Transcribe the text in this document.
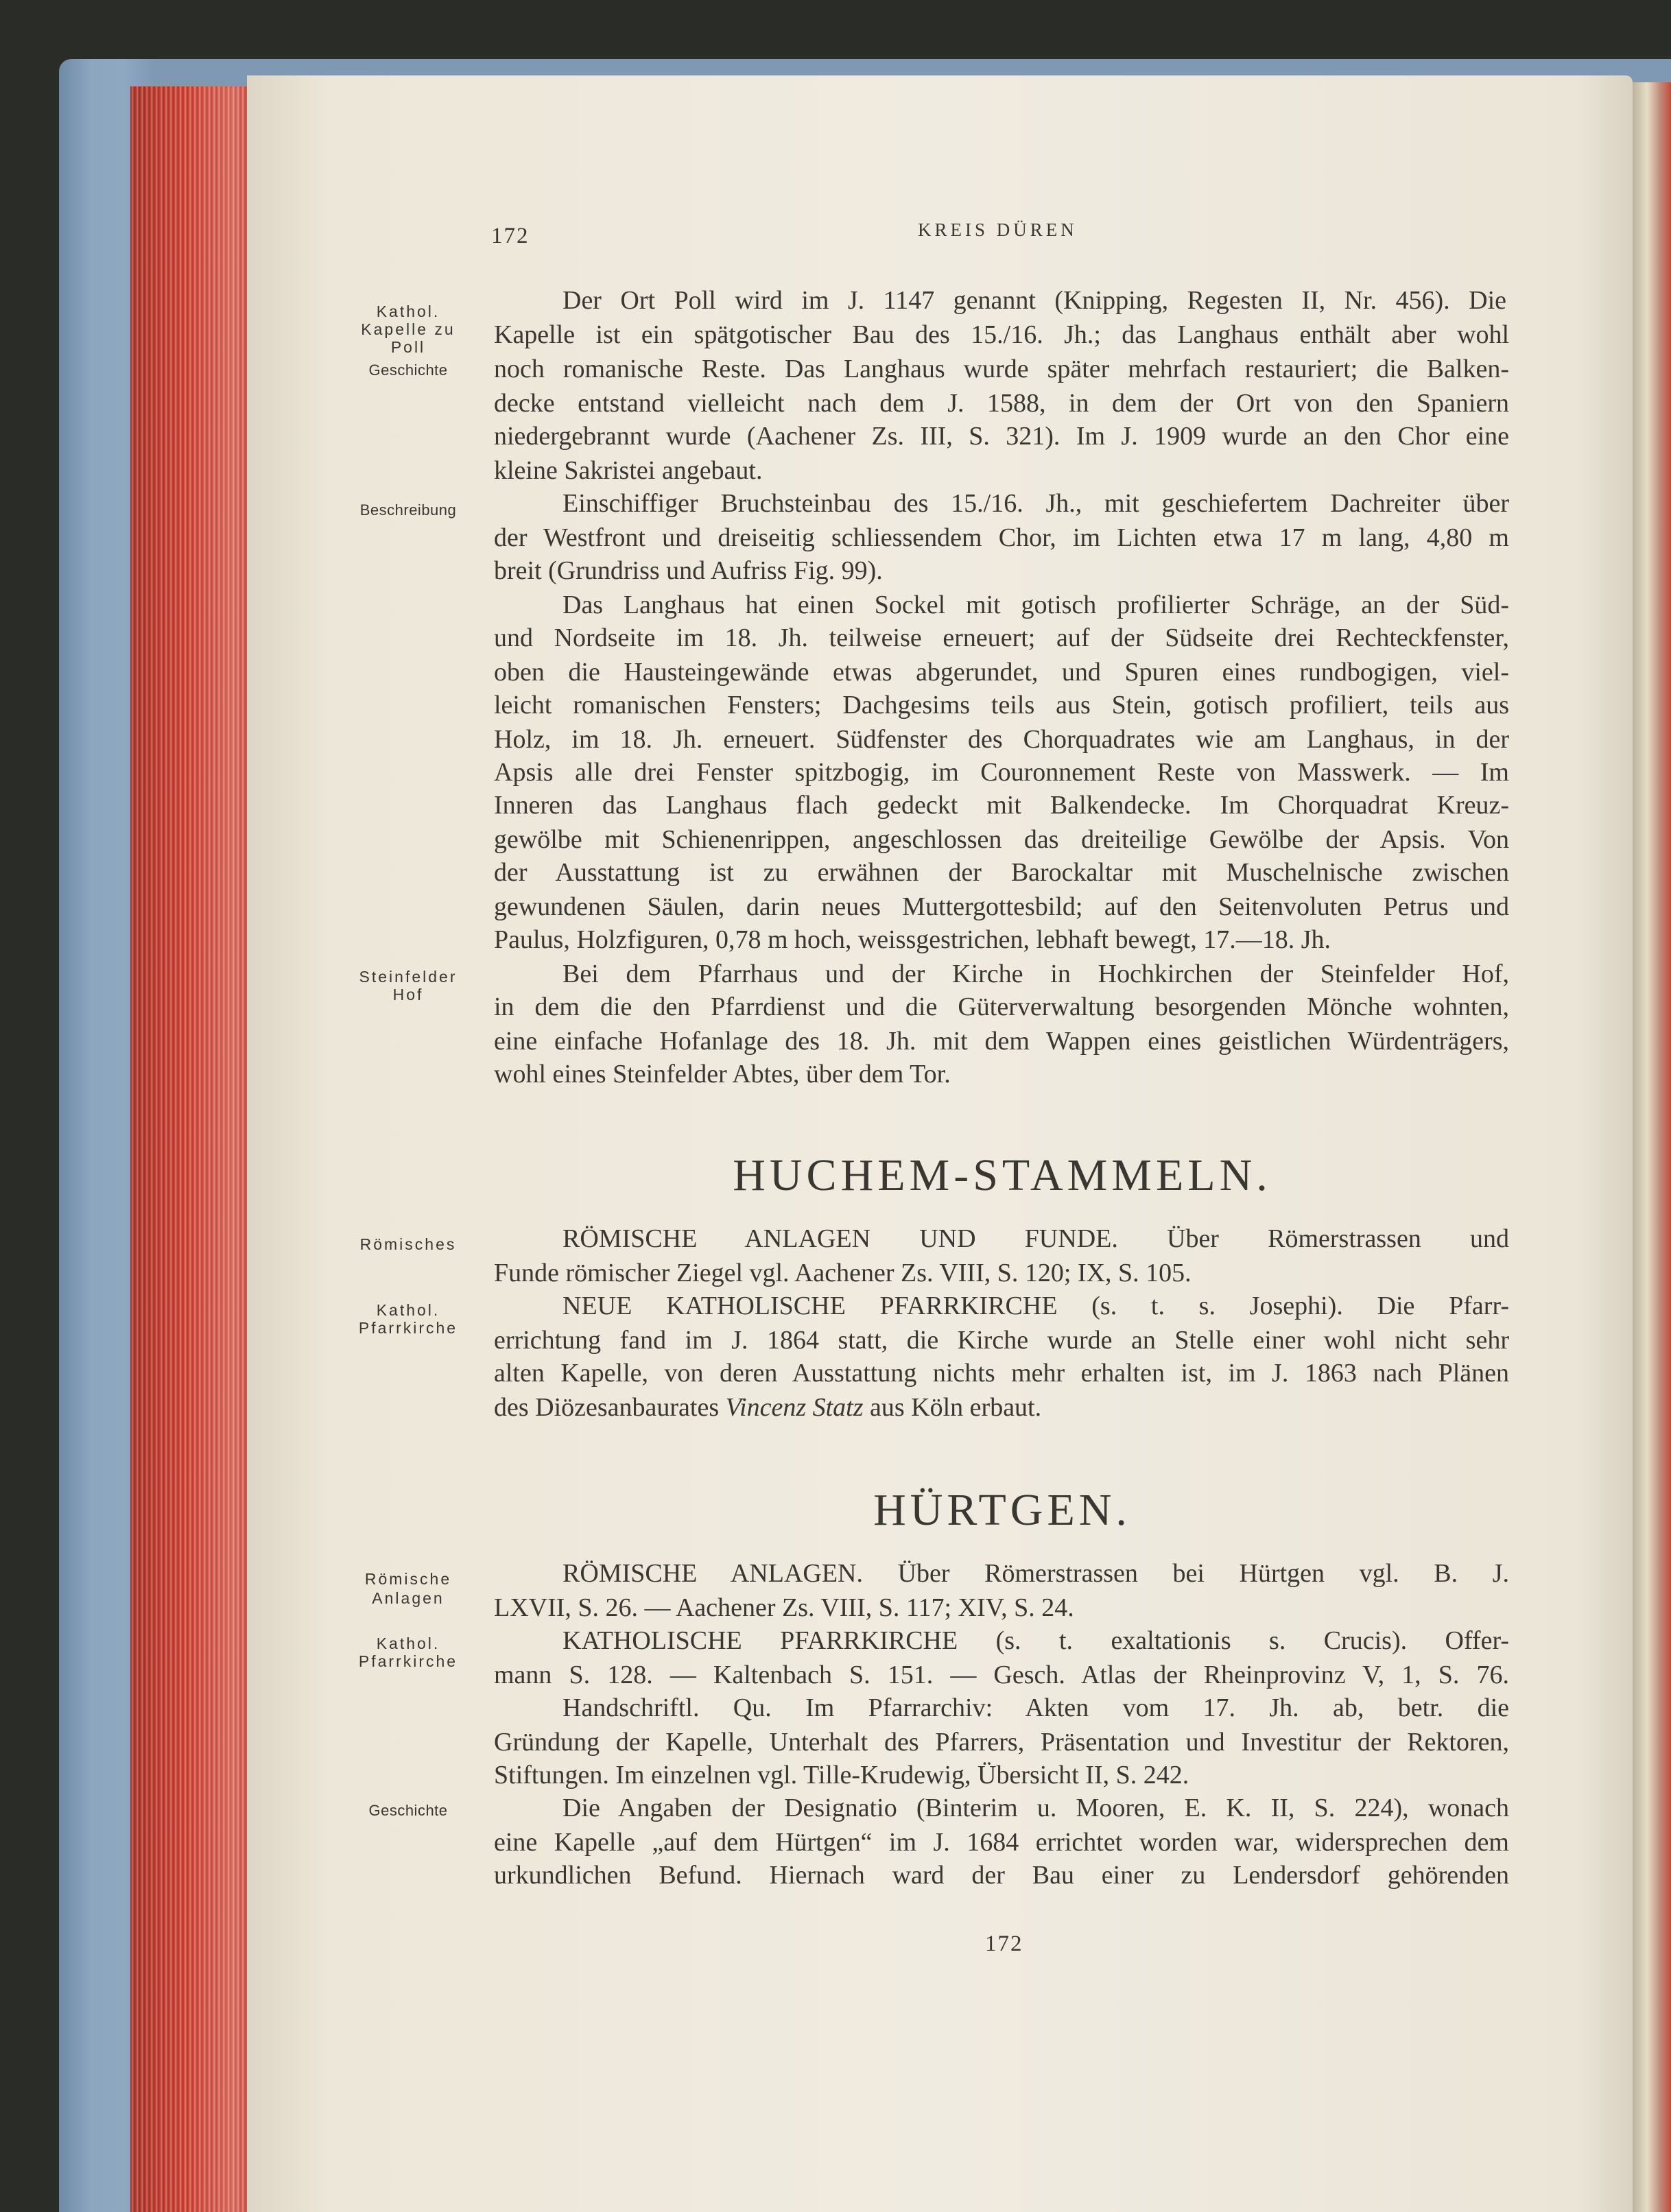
172	KREIS DÜREN
Kathol.
Kapelle zu
Poll
Geschichte
Beschreibung
Steinfelder
Hof
Römisches
Kathol.
Pfarrkirche
Römische
Anlagen
Kathol.
Pfarrkirche
Geschichte
Der Ort Poll wird im J. 1147 genannt (Knipping, Regesten II, Nr. 456). Die
Kapelle ist ein spätgotischer Bau des 15./16. Jh.; das Langhaus enthält aber wohl
noch romanische Reste. Das Langhaus wurde später mehrfach restauriert; die Balken-
decke entstand vielleicht nach dem J. 1588, in dem der Ort von den Spaniern
niedergebrannt wurde (Aachener Zs. III, S. 321). Im J. 1909 wurde an den Chor eine
kleine Sakristei angebaut.
Einschiffiger Bruchsteinbau des 15./16. Jh., mit geschiefertem Dachreiter über
der Westfront und dreiseitig schliessendem Chor, im Lichten etwa 17 m lang, 4,80 m
breit (Grundriss und Aufriss Fig. 99).
Das Langhaus hat einen Sockel mit gotisch profilierter Schräge, an der Süd-
und Nordseite im 18. Jh. teilweise erneuert; auf der Südseite drei Rechteckfenster,
oben die Hausteingewände etwas abgerundet, und Spuren eines rundbogigen, viel-
leicht romanischen Fensters; Dachgesims teils aus Stein, gotisch profiliert, teils aus
Holz, im 18. Jh. erneuert. Südfenster des Chorquadrates wie am Langhaus, in der
Apsis alle drei Fenster spitzbogig, im Couronnement Reste von Masswerk. — Im
Inneren das Langhaus flach gedeckt mit Balkendecke. Im Chorquadrat Kreuz-
gewölbe mit Schienenrippen, angeschlossen das dreiteilige Gewölbe der Apsis. Von
der Ausstattung ist zu erwähnen der Barockaltar mit Muschelnische zwischen
gewundenen Säulen, darin neues Muttergottesbild; auf den Seitenvoluten Petrus und
Paulus, Holzfiguren, 0,78 m hoch, weissgestrichen, lebhaft bewegt, 17.—18. Jh.
Bei dem Pfarrhaus und der Kirche in Hochkirchen der Steinfelder Hof,
in dem die den Pfarrdienst und die Güterverwaltung besorgenden Mönche wohnten,
eine einfache Hofanlage des 18. Jh. mit dem Wappen eines geistlichen Würdenträgers,
wohl eines Steinfelder Abtes, über dem Tor.
HUCHEM-STAMMELN.
RÖMISCHE ANLAGEN UND FUNDE. Über Römerstrassen und
Funde römischer Ziegel vgl. Aachener Zs. VIII, S. 120; IX, S. 105.
NEUE KATHOLISCHE PFARRKIRCHE (s. t. s. Josephi). Die Pfarr-
errichtung fand im J. 1864 statt, die Kirche wurde an Stelle einer wohl nicht sehr
alten Kapelle, von deren Ausstattung nichts mehr erhalten ist, im J. 1863 nach Plänen
des Diözesanbaurates Vincenz Statz aus Köln erbaut.
HÜRTGEN.
RÖMISCHE ANLAGEN. Über Römerstrassen bei Hürtgen vgl. B. J.
LXVII, S. 26. — Aachener Zs. VIII, S. 117; XIV, S. 24.
KATHOLISCHE PFARRKIRCHE (s. t. exaltationis s. Crucis). Offer-
mann S. 128. — Kaltenbach S. 151. — Gesch. Atlas der Rheinprovinz V, 1, S. 76.
Handschriftl. Qu. Im Pfarrarchiv: Akten vom 17. Jh. ab, betr. die
Gründung der Kapelle, Unterhalt des Pfarrers, Präsentation und Investitur der Rektoren,
Stiftungen. Im einzelnen vgl. Tille-Krudewig, Übersicht II, S. 242.
Die Angaben der Designatio (Binterim u. Mooren, E. K. II, S. 224), wonach
eine Kapelle „auf dem Hürtgen“ im J. 1684 errichtet worden war, widersprechen dem
urkundlichen Befund. Hiernach ward der Bau einer zu Lendersdorf gehörenden
172
